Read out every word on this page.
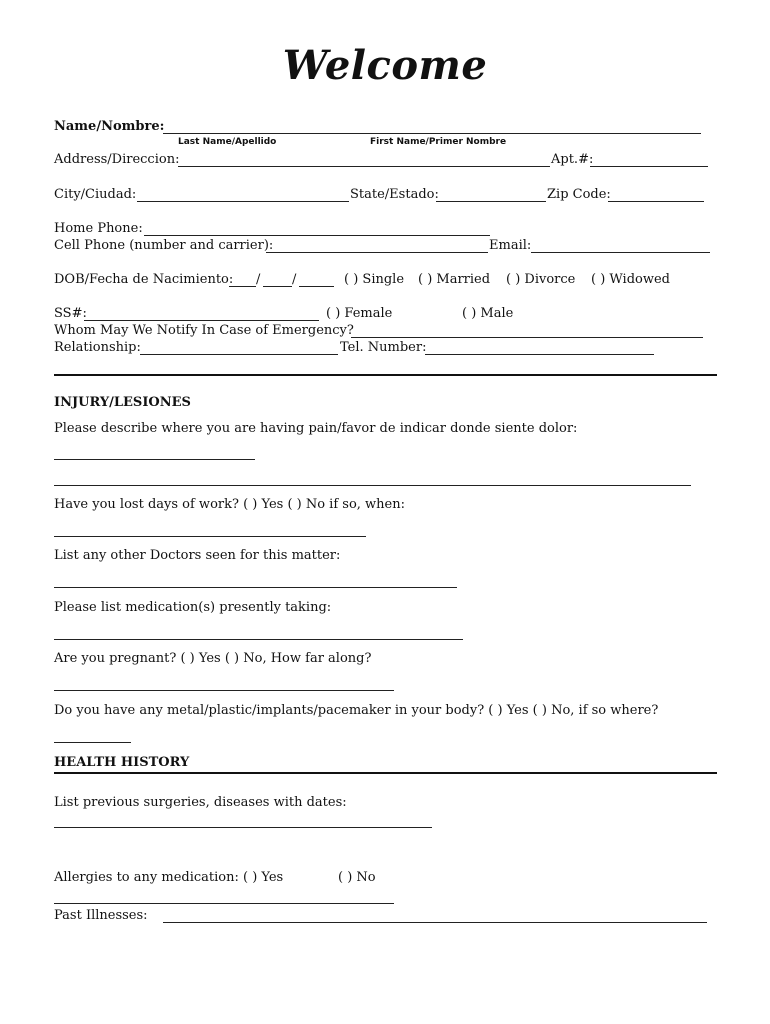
Welcome
Name/Nombre:
Last Name/Apellido	First Name/Primer Nombre
Address/Direccion:	Apt.#:
City/Ciudad:	State/Estado:	Zip Code:
Home Phone:
Cell Phone (number and carrier):	Email:
DOB/Fecha de Nacimiento: / /	( ) Single ( ) Married ( ) Divorce ( ) Widowed
SS#:	( ) Female	( ) Male
Whom May We Notify In Case of Emergency?
Relationship:	Tel. Number:
INJURY/LESIONES
Please describe where you are having pain/favor de indicar donde siente dolor:
Have you lost days of work? ( ) Yes ( ) No if so, when:
List any other Doctors seen for this matter:
Please list medication(s) presently taking:
Are you pregnant? ( ) Yes ( ) No, How far along?
Do you have any metal/plastic/implants/pacemaker in your body? ( ) Yes ( ) No, if so where?
HEALTH HISTORY
List previous surgeries, diseases with dates:
Allergies to any medication: ( ) Yes	( ) No
Past Illnesses:
